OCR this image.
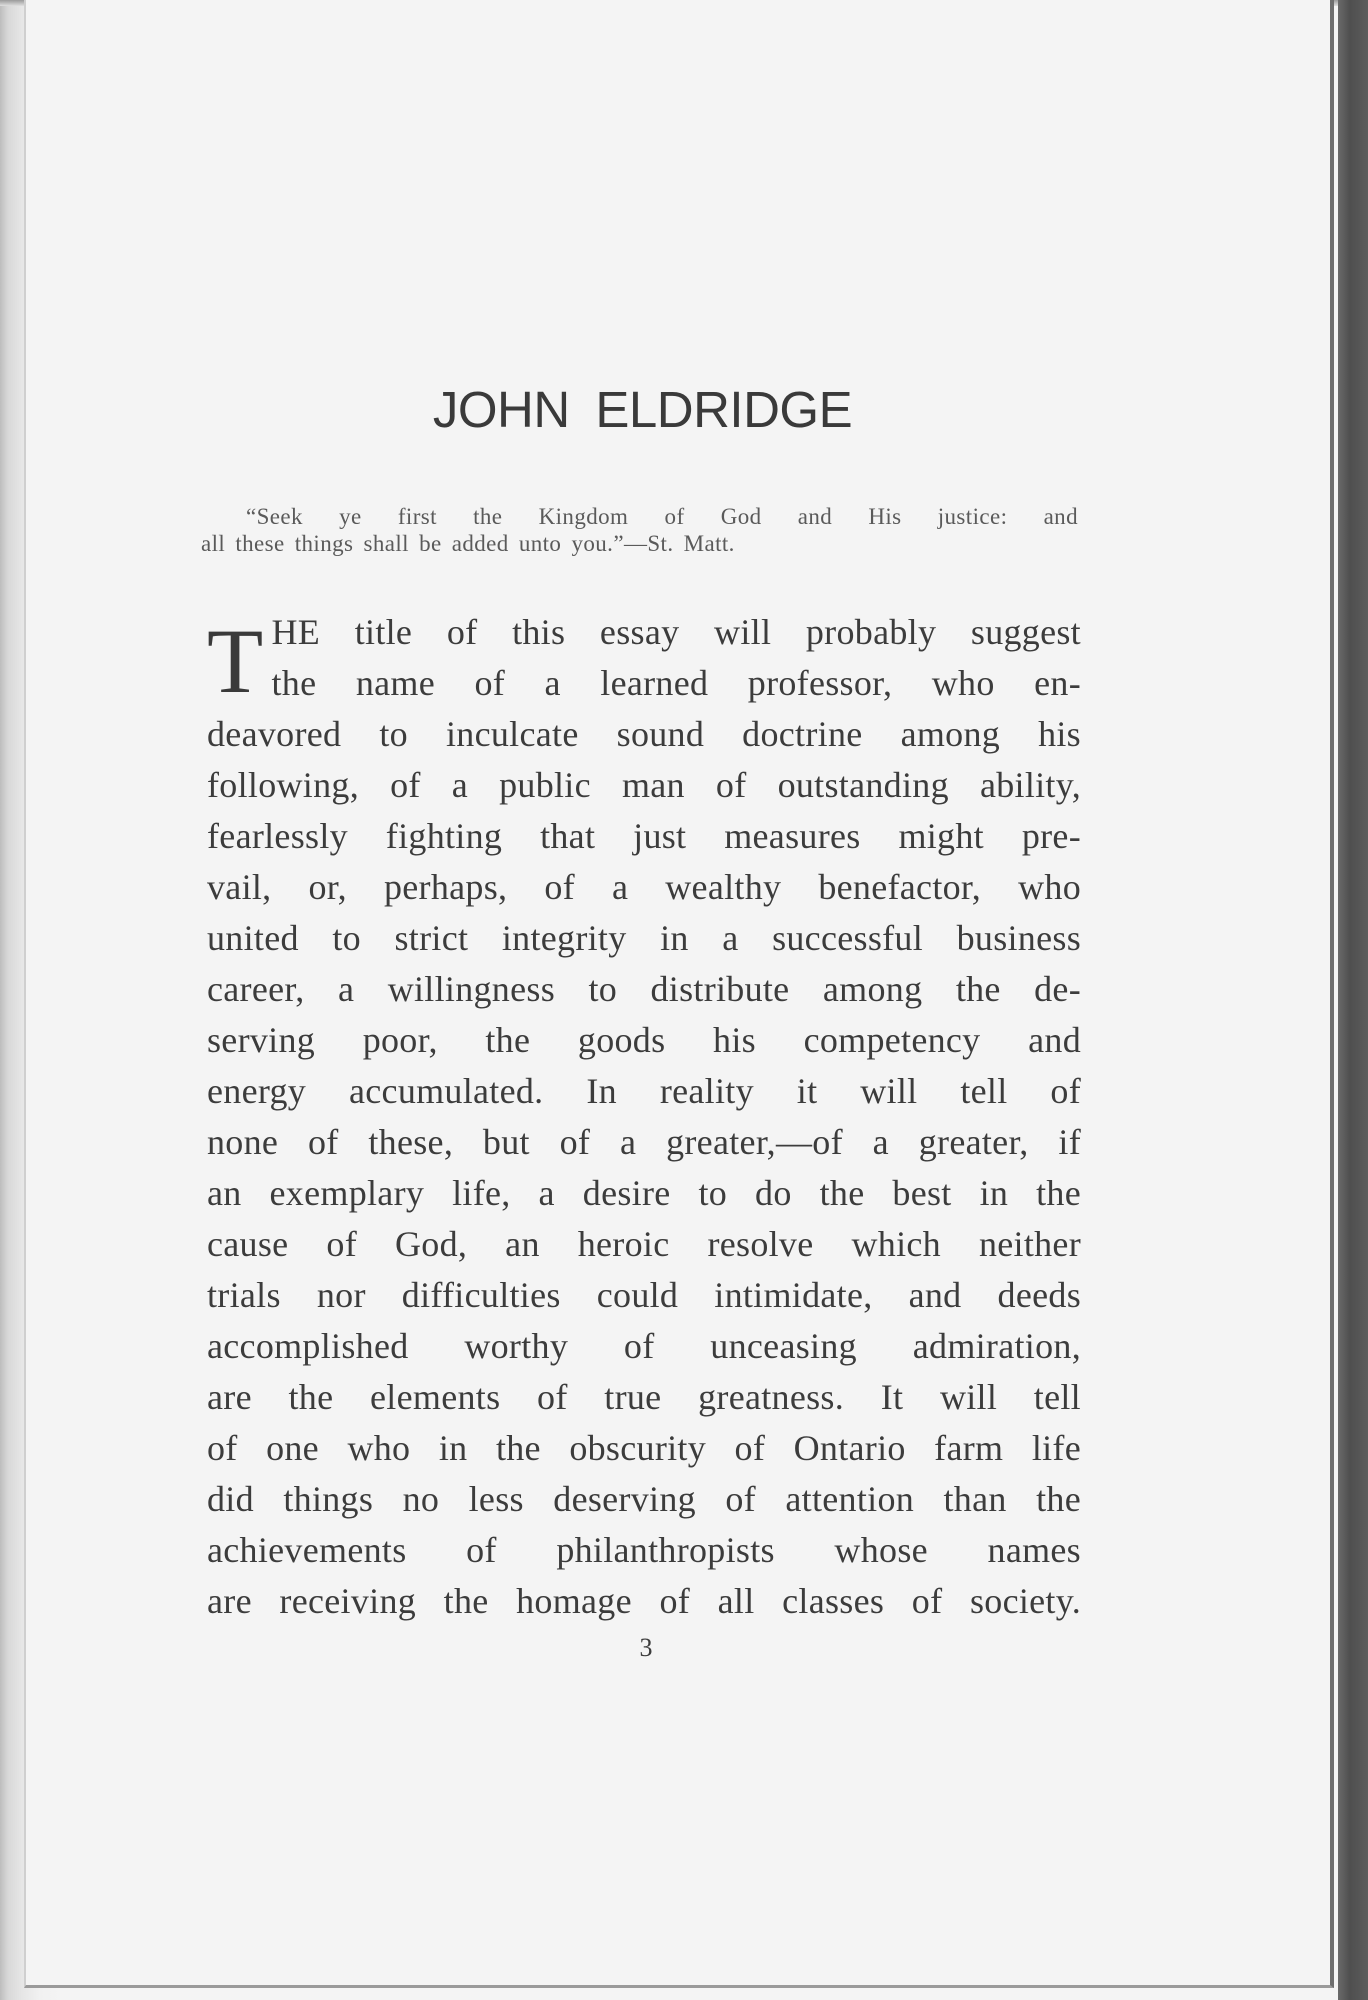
JOHN ELDRIDGE
“Seek ye first the Kingdom of God and His justice: and
all these things shall be added unto you.”—St. Matt.
T HE title of this essay will probably suggest
the name of a learned professor, who en-
deavored to inculcate sound doctrine among his
following, of a public man of outstanding ability,
fearlessly fighting that just measures might pre-
vail, or, perhaps, of a wealthy benefactor, who
united to strict integrity in a successful business
career, a willingness to distribute among the de-
serving poor, the goods his competency and
energy accumulated. In reality it will tell of
none of these, but of a greater,—of a greater, if
an exemplary life, a desire to do the best in the
cause of God, an heroic resolve which neither
trials nor difficulties could intimidate, and deeds
accomplished worthy of unceasing admiration,
are the elements of true greatness. It will tell
of one who in the obscurity of Ontario farm life
did things no less deserving of attention than the
achievements of philanthropists whose names
are receiving the homage of all classes of society.
3
